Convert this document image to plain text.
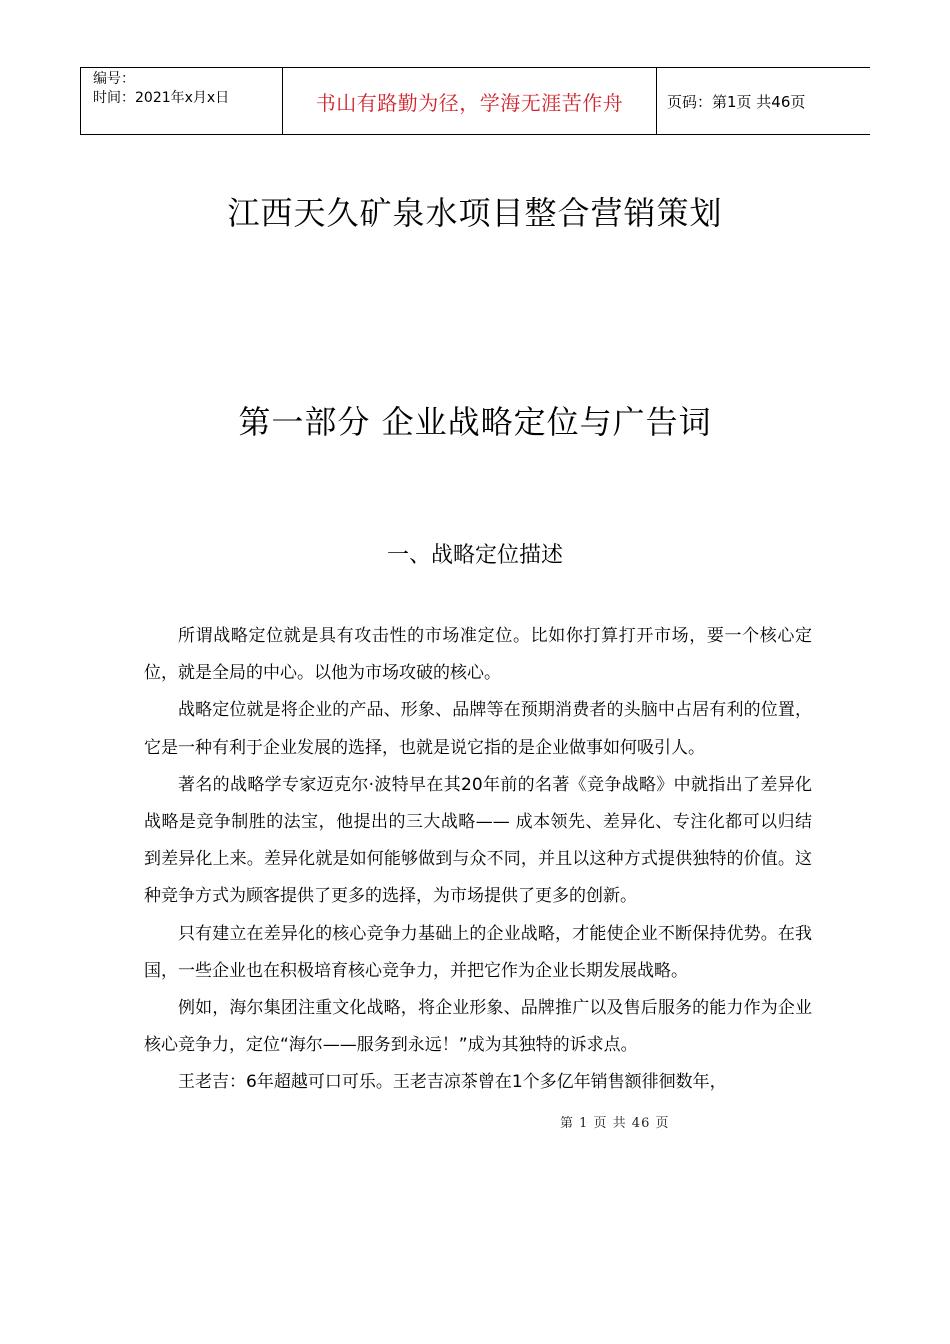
编号：
时间：2021年x月x日	书山有路勤为径，学海无涯苦作舟	页码：第1页 共46页
江西天久矿泉水项目整合营销策划
第一部分 企业战略定位与广告词
一、战略定位描述

所谓战略定位就是具有攻击性的市场准定位。比如你打算打开市场，要一个核心定位，就是全局的中心。以他为市场攻破的核心。

战略定位就是将企业的产品、形象、品牌等在预期消费者的头脑中占居有利的位置，它是一种有利于企业发展的选择，也就是说它指的是企业做事如何吸引人。

著名的战略学专家迈克尔·波特早在其20年前的名著《竞争战略》中就指出了差异化战略是竞争制胜的法宝，他提出的三大战略—— 成本领先、差异化、专注化都可以归结到差异化上来。差异化就是如何能够做到与众不同，并且以这种方式提供独特的价值。这种竞争方式为顾客提供了更多的选择，为市场提供了更多的创新。

只有建立在差异化的核心竞争力基础上的企业战略，才能使企业不断保持优势。在我国，一些企业也在积极培育核心竞争力，并把它作为企业长期发展战略。

例如，海尔集团注重文化战略，将企业形象、品牌推广以及售后服务的能力作为企业核心竞争力，定位“海尔——服务到永远！”成为其独特的诉求点。

王老吉：6年超越可口可乐。王老吉凉茶曾在1个多亿年销售额徘徊数年，

第 1 页 共 46 页
